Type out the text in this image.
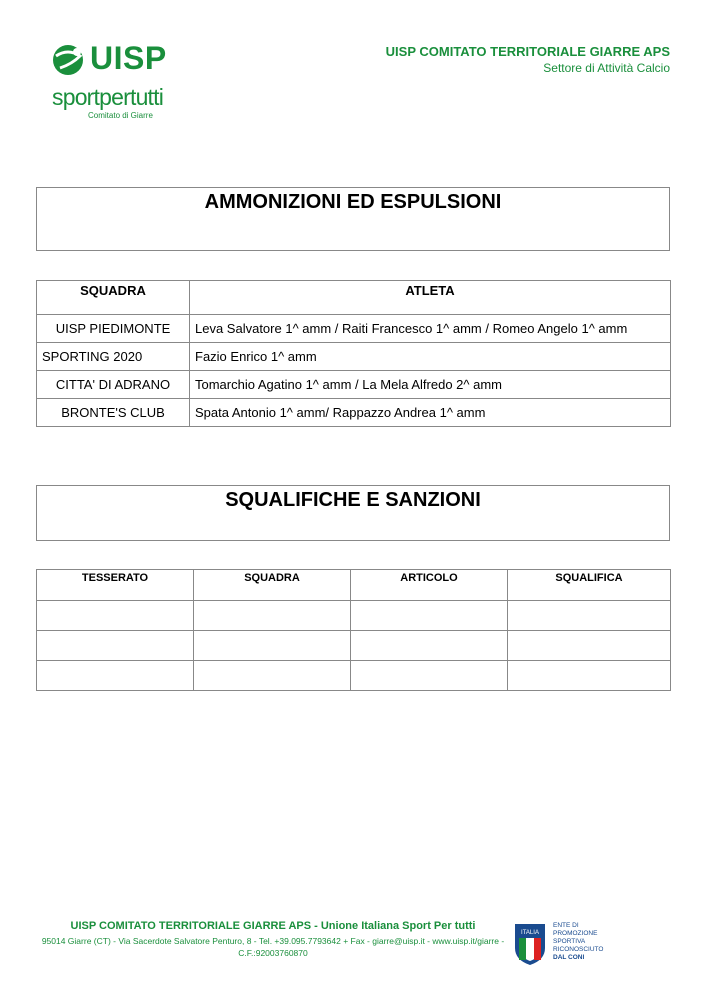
UISP
sportpertutti
Comitato di Giarre
UISP COMITATO TERRITORIALE GIARRE APS
Settore di Attività Calcio
AMMONIZIONI ED ESPULSIONI
SQUADRA	ATLETA
UISP PIEDIMONTE	Leva Salvatore 1^ amm / Raiti Francesco 1^ amm / Romeo Angelo 1^ amm
SPORTING 2020	Fazio Enrico 1^ amm
CITTA' DI ADRANO	Tomarchio Agatino 1^ amm / La Mela Alfredo 2^ amm
BRONTE'S CLUB	Spata Antonio 1^ amm/ Rappazzo Andrea 1^ amm
SQUALIFICHE E SANZIONI
TESSERATO	SQUADRA	ARTICOLO	SQUALIFICA

UISP COMITATO TERRITORIALE GIARRE APS - Unione Italiana Sport Per tutti
95014 Giarre (CT) - Via Sacerdote Salvatore Penturo, 8 - Tel. +39.095.7793642 + Fax - giarre@uisp.it - www.uisp.it/giarre -
C.F.:92003760870
ITALIA
ENTE DI PROMOZIONE
SPORTIVA
RICONOSCIUTO
DAL CONI
